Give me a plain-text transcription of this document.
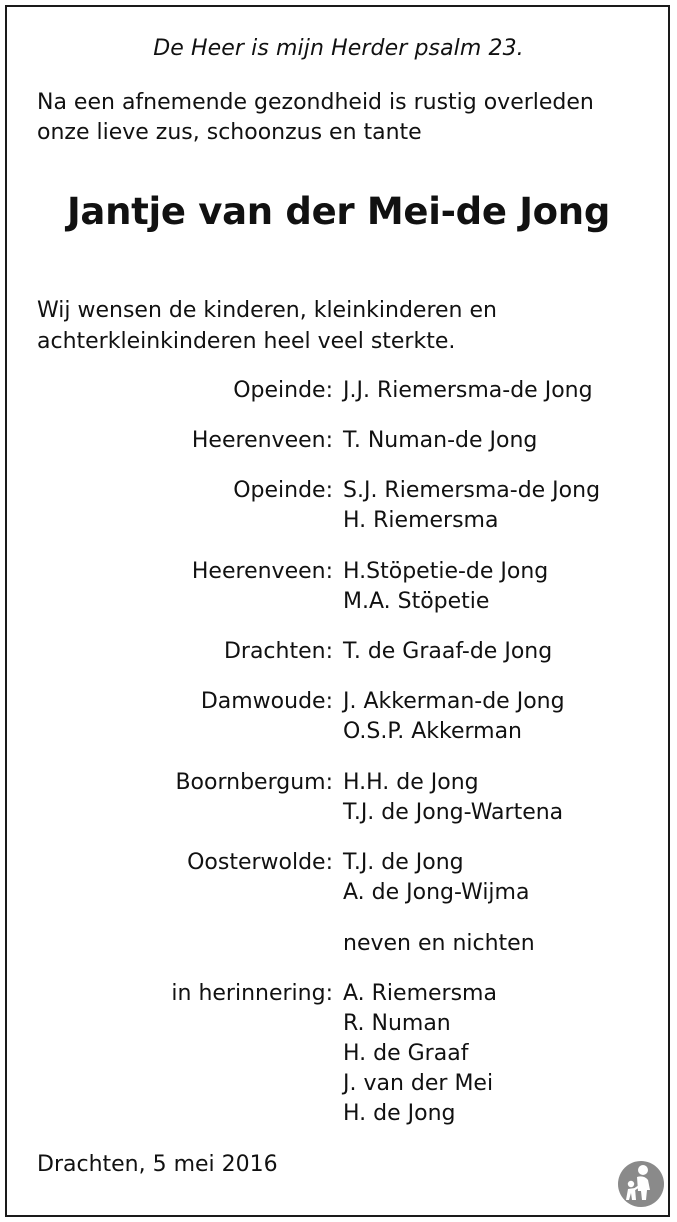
De Heer is mijn Herder psalm 23.
Na een afnemende gezondheid is rustig overleden
onze lieve zus, schoonzus en tante
Jantje van der Mei-de Jong
Wij wensen de kinderen, kleinkinderen en
achterkleinkinderen heel veel sterkte.
Opeinde: J.J. Riemersma-de Jong
Heerenveen: T. Numan-de Jong
Opeinde: S.J. Riemersma-de Jong
H. Riemersma
Heerenveen: H.Stöpetie-de Jong
M.A. Stöpetie
Drachten: T. de Graaf-de Jong
Damwoude: J. Akkerman-de Jong
O.S.P. Akkerman
Boornbergum: H.H. de Jong
T.J. de Jong-Wartena
Oosterwolde: T.J. de Jong
A. de Jong-Wijma
neven en nichten
in herinnering: A. Riemersma
R. Numan
H. de Graaf
J. van der Mei
H. de Jong
Drachten, 5 mei 2016
